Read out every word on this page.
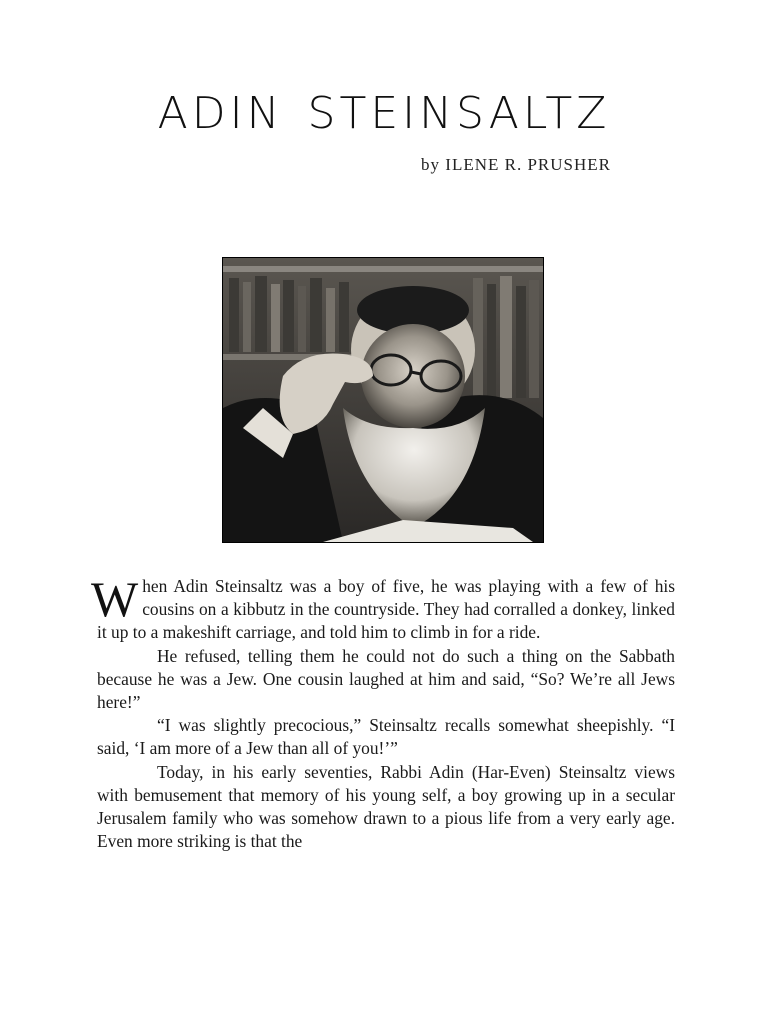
ADIN STEINSALTZ
by ILENE R. PRUSHER

When Adin Steinsaltz was a boy of five, he was playing with a few of his cousins on a kibbutz in the countryside. They had corralled a donkey, linked it up to a makeshift carriage, and told him to climb in for a ride.

He refused, telling them he could not do such a thing on the Sabbath because he was a Jew. One cousin laughed at him and said, “So? We’re all Jews here!”

“I was slightly precocious,” Steinsaltz recalls somewhat sheepishly. “I said, ‘I am more of a Jew than all of you!’”

Today, in his early seventies, Rabbi Adin (Har-Even) Steinsaltz views with bemusement that memory of his young self, a boy growing up in a secular Jerusalem family who was somehow drawn to a pious life from a very early age. Even more striking is that the
